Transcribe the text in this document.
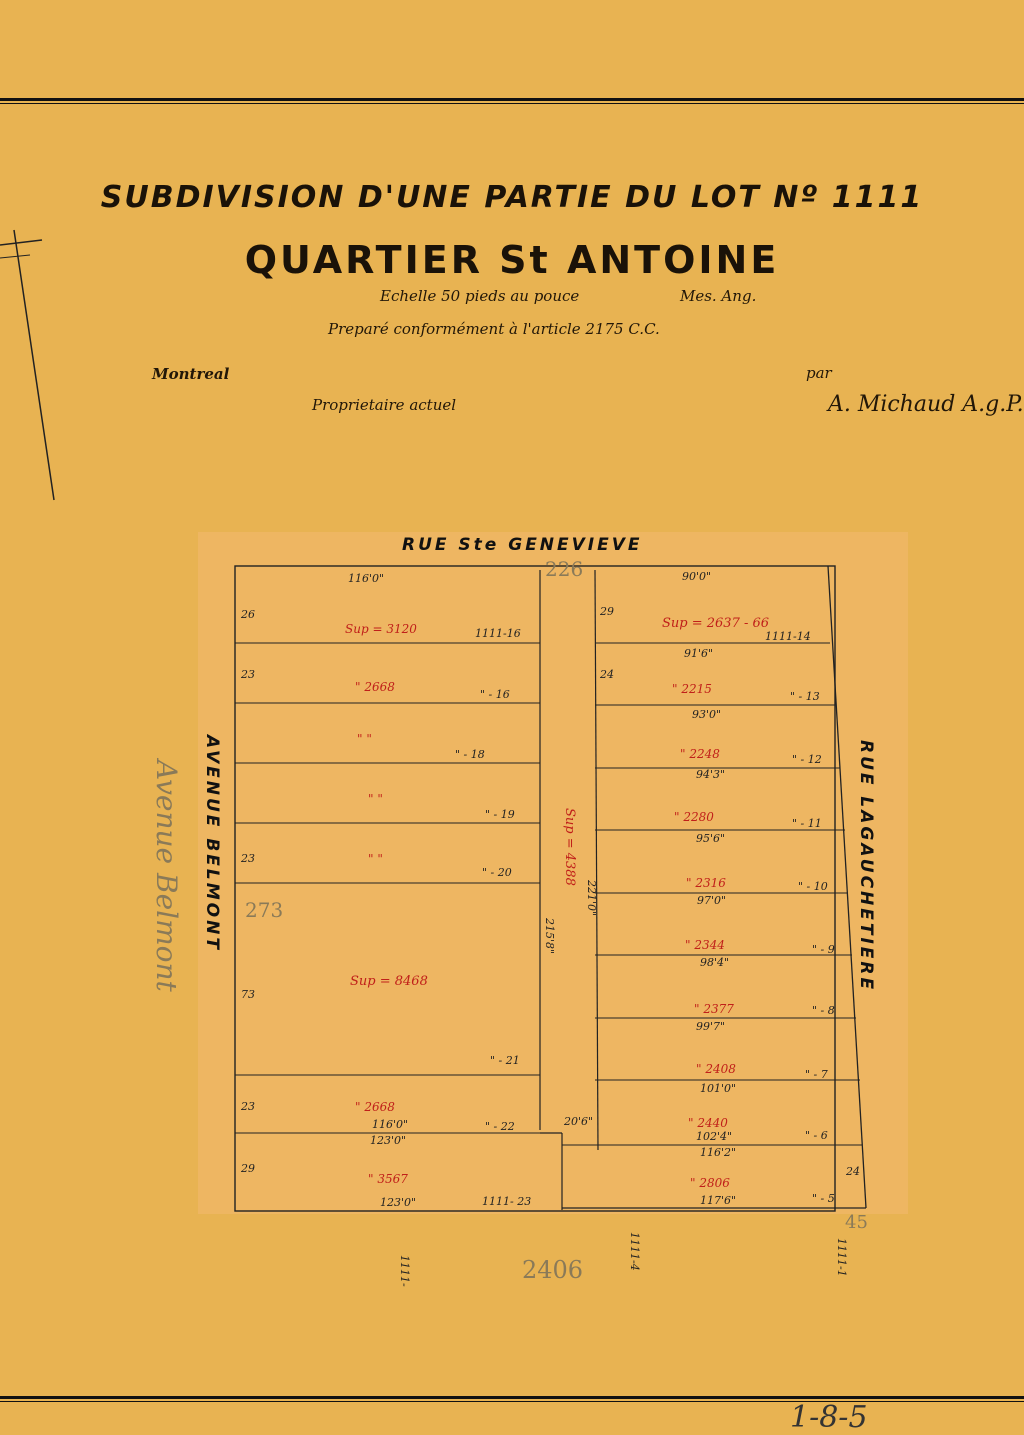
SUBDIVISION D'UNE PARTIE DU LOT Nº 1111
QUARTIER St ANTOINE
Echelle 50 pieds au pouce	Mes. Ang.
Preparé conformément à l'article 2175 C.C.
Montreal
Proprietaire actuel
par
A. Michaud A.g.P.
RUE Ste GENEVIEVE
AVENUE BELMONT	RUE LAGAUCHETIERE
Avenue Belmont	273
226
2406
45
1-8-5
Sup = 4388
221'0"
215'8"
20'6"
116'0"
Sup = 3120	1111-16
26
" 2668
" - 16
23
" "
" - 18
" "
" - 19
" "
" - 20
23
Sup = 8468
" - 21
73
" 2668
116'0"	" - 22
23
123'0"
" 3567
123'0"	1111- 23
29
90'0"
Sup = 2637 - 66
1111-14
29
91'6"
" 2215
" - 13
24
93'0"
" 2248	" - 12
94'3"
" 2280	" - 11
95'6"
" 2316	" - 10
97'0"
" 2344	" - 9
98'4"
" 2377	" - 8
99'7"
" 2408	" - 7
101'0"
" 2440
102'4"	" - 6
116'2"
" 2806
117'6"	" - 5
24
1111-
1111-4	1111-1
